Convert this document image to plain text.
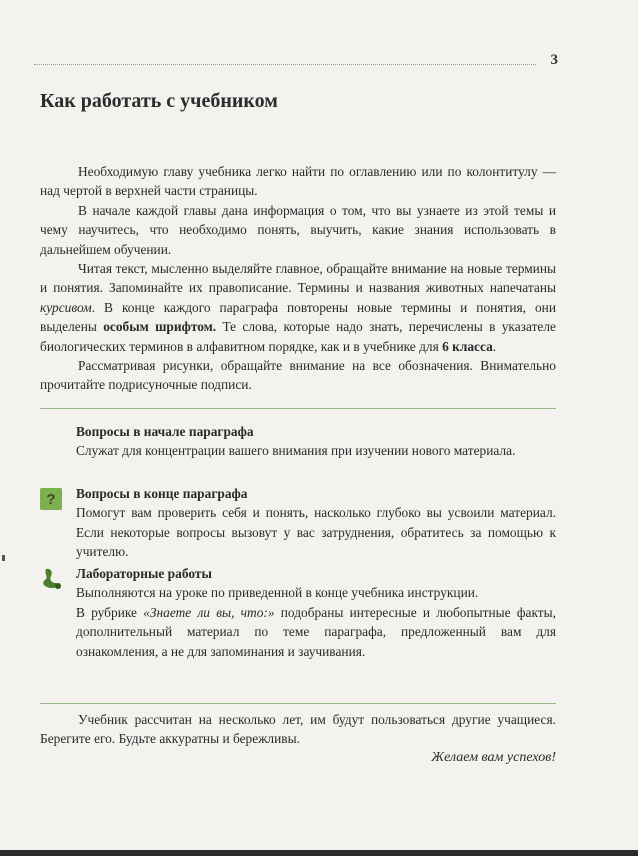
3
Как работать с учебником

Необходимую главу учебника легко найти по оглавлению или по колонтитулу — над чертой в верхней части страницы.

В начале каждой главы дана информация о том, что вы узнаете из этой темы и чему научитесь, что необходимо понять, выучить, какие знания использовать в дальнейшем обучении.

Читая текст, мысленно выделяйте главное, обращайте внимание на новые термины и понятия. Запоминайте их правописание. Термины и названия животных напечатаны курсивом. В конце каждого параграфа повторены новые термины и понятия, они выделены особым шрифтом. Те слова, которые надо знать, перечислены в указателе биологических терминов в алфавитном порядке, как и в учебнике для 6 класса.

Рассматривая рисунки, обращайте внимание на все обозначения. Внимательно прочитайте подрисуночные подписи.

Вопросы в начале параграфа

Служат для концентрации вашего внимания при изучении нового материала.

? Вопросы в конце параграфа

Помогут вам проверить себя и понять, насколько глубоко вы усвоили материал. Если некоторые вопросы вызовут у вас затруднения, обратитесь за помощью к учителю.

Лабораторные работы

Выполняются на уроке по приведенной в конце учебника инструкции.

В рубрике «Знаете ли вы, что:» подобраны интересные и любопытные факты, дополнительный материал по теме параграфа, предложенный вам для ознакомления, а не для запоминания и заучивания.

Учебник рассчитан на несколько лет, им будут пользоваться другие учащиеся. Берегите его. Будьте аккуратны и бережливы.

Желаем вам успехов!
